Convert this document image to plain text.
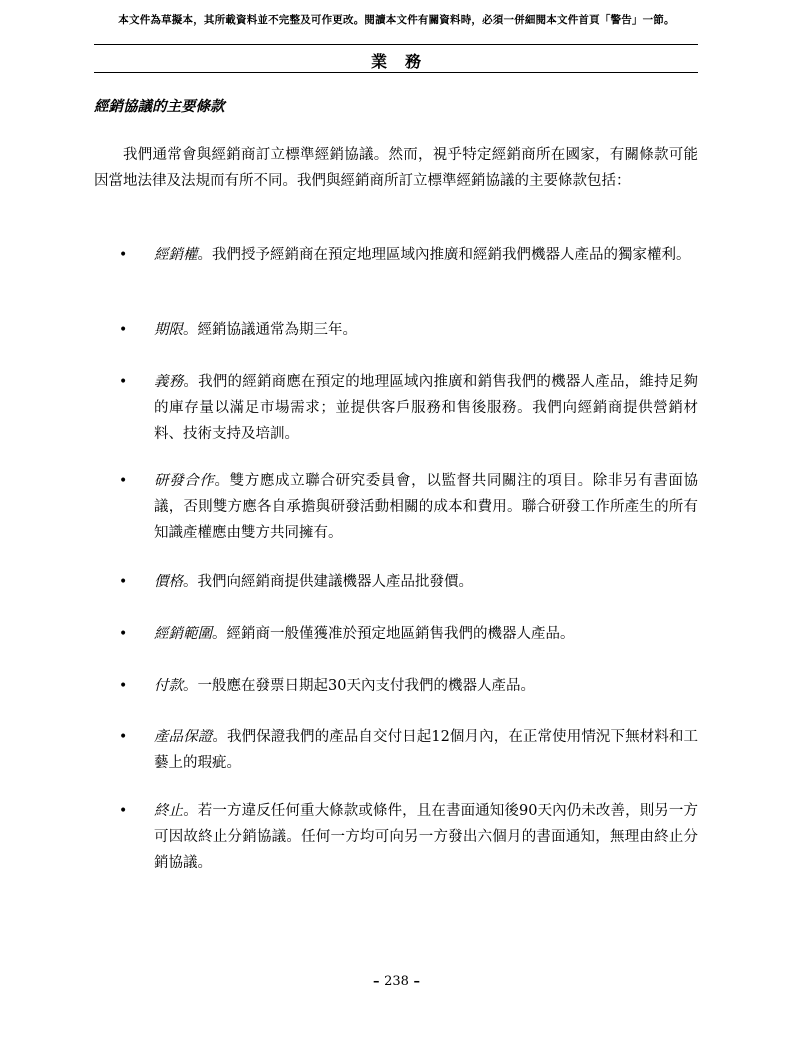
本文件為草擬本，其所載資料並不完整及可作更改。閱讀本文件有關資料時，必須一併細閱本文件首頁「警告」一節。
業務
經銷協議的主要條款

我們通常會與經銷商訂立標準經銷協議。然而，視乎特定經銷商所在國家，有關條款可能因當地法律及法規而有所不同。我們與經銷商所訂立標準經銷協議的主要條款包括：

• 經銷權。我們授予經銷商在預定地理區域內推廣和經銷我們機器人產品的獨家權利。
• 期限。經銷協議通常為期三年。
• 義務。我們的經銷商應在預定的地理區域內推廣和銷售我們的機器人產品，維持足夠的庫存量以滿足市場需求；並提供客戶服務和售後服務。我們向經銷商提供營銷材料、技術支持及培訓。
• 研發合作。雙方應成立聯合研究委員會，以監督共同關注的項目。除非另有書面協議，否則雙方應各自承擔與研發活動相關的成本和費用。聯合研發工作所產生的所有知識產權應由雙方共同擁有。
• 價格。我們向經銷商提供建議機器人產品批發價。
• 經銷範圍。經銷商一般僅獲准於預定地區銷售我們的機器人產品。
• 付款。一般應在發票日期起30天內支付我們的機器人產品。
• 產品保證。我們保證我們的產品自交付日起12個月內，在正常使用情況下無材料和工藝上的瑕疵。
• 終止。若一方違反任何重大條款或條件，且在書面通知後90天內仍未改善，則另一方可因故終止分銷協議。任何一方均可向另一方發出六個月的書面通知，無理由終止分銷協議。
– 238 –
